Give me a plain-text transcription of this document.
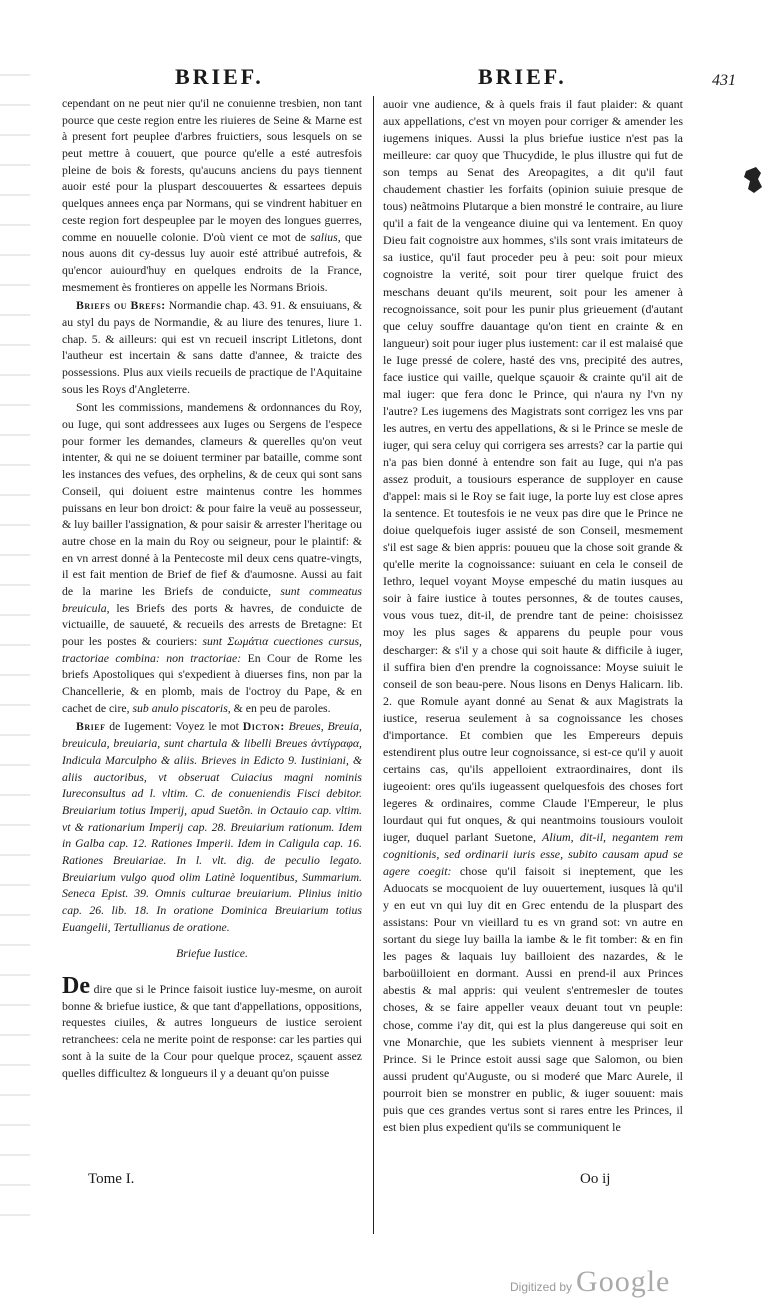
BRIEF.	BRIEF.	431

cependant on ne peut nier qu'il ne conuienne tresbien, non tant pource que ceste region entre les riuieres de Seine & Marne est à present fort peuplee d'arbres fruictiers, sous lesquels on se peut mettre à couuert, que pource qu'elle a esté autresfois pleine de bois & forests, qu'aucuns anciens du pays tiennent auoir esté pour la pluspart descouuertes & essartees depuis quelques annees ença par Normans, qui se vindrent habituer en ceste region fort despeuplee par le moyen des longues guerres, comme en nouuelle colonie. D'où vient ce mot de salius, que nous auons dit cy-dessus luy auoir esté attribué autrefois, & qu'encor auiourd'huy en quelques endroits de la France, mesmement ès frontieres on appelle les Normans Briois.

Briefs ou Brefs: Normandie chap. 43. 91. & ensuiuans, & au styl du pays de Normandie, & au liure des tenures, liure 1. chap. 5. & ailleurs: qui est vn recueil inscript Litletons, dont l'autheur est incertain & sans datte d'annee, & traicte des possessions. Plus aux vieils recueils de practique de l'Aquitaine sous les Roys d'Angleterre.

Sont les commissions, mandemens & ordonnances du Roy, ou Iuge, qui sont addressees aux Iuges ou Sergens de l'espece pour former les demandes, clameurs & querelles qu'on veut intenter, & qui ne se doiuent terminer par bataille, comme sont les instances des vefues, des orphelins, & de ceux qui sont sans Conseil, qui doiuent estre maintenus contre les hommes puissans en leur bon droict: & pour faire la veuë au possesseur, & luy bailler l'assignation, & pour saisir & arrester l'heritage ou autre chose en la main du Roy ou seigneur, pour le plaintif: & en vn arrest donné à la Pentecoste mil deux cens quatre-vingts, il est fait mention de Brief de fief & d'aumosne. Aussi au fait de la marine les Briefs de conduicte, sunt commeatus breuicula, les Briefs des ports & havres, de conduicte de victuaille, de sauueté, & recueils des arrests de Bretagne: Et pour les postes & couriers: sunt Σωμάτια cuectiones cursus, tractoriae combina: non tractoriae: En Cour de Rome les briefs Apostoliques qui s'expedient à diuerses fins, non par la Chancellerie, & en plomb, mais de l'octroy du Pape, & en cachet de cire, sub anulo piscatoris, & en peu de paroles.

Brief de Iugement: Voyez le mot Dicton: Breues, Breuia, breuicula, breuiaria, sunt chartula & libelli Breues ἀντίγραφα, Indicula Marculpho & aliis. Brieves in Edicto 9. Iustiniani, & aliis auctoribus, vt obseruat Cuiacius magni nominis Iureconsultus ad l. vltim. C. de conueniendis Fisci debitor. Breuiarium totius Imperij, apud Suetõn. in Octauio cap. vltim. vt & rationarium Imperij cap. 28. Breuiarium rationum. Idem in Galba cap. 12. Rationes Imperii. Idem in Caligula cap. 16. Rationes Breuiariae. In l. vlt. dig. de peculio legato. Breuiarium vulgo quod olim Latinè loquentibus, Summarium. Seneca Epist. 39. Omnis culturae breuiarium. Plinius initio cap. 26. lib. 18. In oratione Dominica Breuiarium totius Euangelii, Tertullianus de oratione.

Briefue Iustice.

De dire que si le Prince faisoit iustice luy-mesme, on auroit bonne & briefue iustice, & que tant d'appellations, oppositions, requestes ciuiles, & autres longueurs de iustice seroient retranchees: cela ne merite point de response: car les parties qui sont à la suite de la Cour pour quelque procez, sçauent assez quelles difficultez & longueurs il y a deuant qu'on puisse

auoir vne audience, & à quels frais il faut plaider: & quant aux appellations, c'est vn moyen pour corriger & amender les iugemens iniques. Aussi la plus briefue iustice n'est pas la meilleure: car quoy que Thucydide, le plus illustre qui fut de son temps au Senat des Areopagites, a dit qu'il faut chaudement chastier les forfaits (opinion suiuie presque de tous) neãtmoins Plutarque a bien monstré le contraire, au liure qu'il a fait de la vengeance diuine qui va lentement. En quoy Dieu fait cognoistre aux hommes, s'ils sont vrais imitateurs de sa iustice, qu'il faut proceder peu à peu: soit pour mieux cognoistre la verité, soit pour tirer quelque fruict des meschans deuant qu'ils meurent, soit pour les amener à recognoissance, soit pour les punir plus grieuement (d'autant que celuy souffre dauantage qu'on tient en crainte & en langueur) soit pour iuger plus iustement: car il est malaisé que le Iuge pressé de colere, hasté des vns, precipité des autres, face iustice qui vaille, quelque sçauoir & crainte qu'il ait de mal iuger: que fera donc le Prince, qui n'aura ny l'vn ny l'autre? Les iugemens des Magistrats sont corrigez les vns par les autres, en vertu des appellations, & si le Prince se mesle de iuger, qui sera celuy qui corrigera ses arrests? car la partie qui n'a pas bien donné à entendre son fait au Iuge, qui n'a pas assez produit, a tousiours esperance de supployer en cause d'appel: mais si le Roy se fait iuge, la porte luy est close apres la sentence. Et toutesfois ie ne veux pas dire que le Prince ne doiue quelquefois iuger assisté de son Conseil, mesmement s'il est sage & bien appris: pouueu que la chose soit grande & qu'elle merite la cognoissance: suiuant en cela le conseil de Iethro, lequel voyant Moyse empesché du matin iusques au soir à faire iustice à toutes personnes, & de toutes causes, vous vous tuez, dit-il, de prendre tant de peine: choisissez moy les plus sages & apparens du peuple pour vous descharger: & s'il y a chose qui soit haute & difficile à iuger, il suffira bien d'en prendre la cognoissance: Moyse suiuit le conseil de son beau-pere. Nous lisons en Denys Halicarn. lib. 2. que Romule ayant donné au Senat & aux Magistrats la iustice, reserua seulement à sa cognoissance les choses d'importance. Et combien que les Empereurs depuis estendirent plus outre leur cognoissance, si est-ce qu'il y auoit certains cas, qu'ils appelloient extraordinaires, dont ils iugeoient: ores qu'ils iugeassent quelquesfois des choses fort legeres & ordinaires, comme Claude l'Empereur, le plus lourdaut qui fut onques, & qui neantmoins tousiours vouloit iuger, duquel parlant Suetone, Alium, dit-il, negantem rem cognitionis, sed ordinarii iuris esse, subito causam apud se agere coegit: chose qu'il faisoit si ineptement, que les Aduocats se mocquoient de luy ouuertement, iusques là qu'il y en eut vn qui luy dit en Grec entendu de la pluspart des assistans: Pour vn vieillard tu es vn grand sot: vn autre en sortant du siege luy bailla la iambe & le fit tomber: & en fin les pages & laquais luy bailloient des nazardes, & le barboüilloient en dormant. Aussi en prend-il aux Princes abestis & mal appris: qui veulent s'entremesler de toutes choses, & se faire appeller veaux deuant tout vn peuple: chose, comme i'ay dit, qui est la plus dangereuse qui soit en vne Monarchie, que les subiets viennent à mespriser leur Prince. Si le Prince estoit aussi sage que Salomon, ou bien aussi prudent qu'Auguste, ou si moderé que Marc Aurele, il pourroit bien se monstrer en public, & iuger souuent: mais puis que ces grandes vertus sont si rares entre les Princes, il est bien plus expedient qu'ils se communiquent le

Tome I.	Oo ij
Digitized by Google
